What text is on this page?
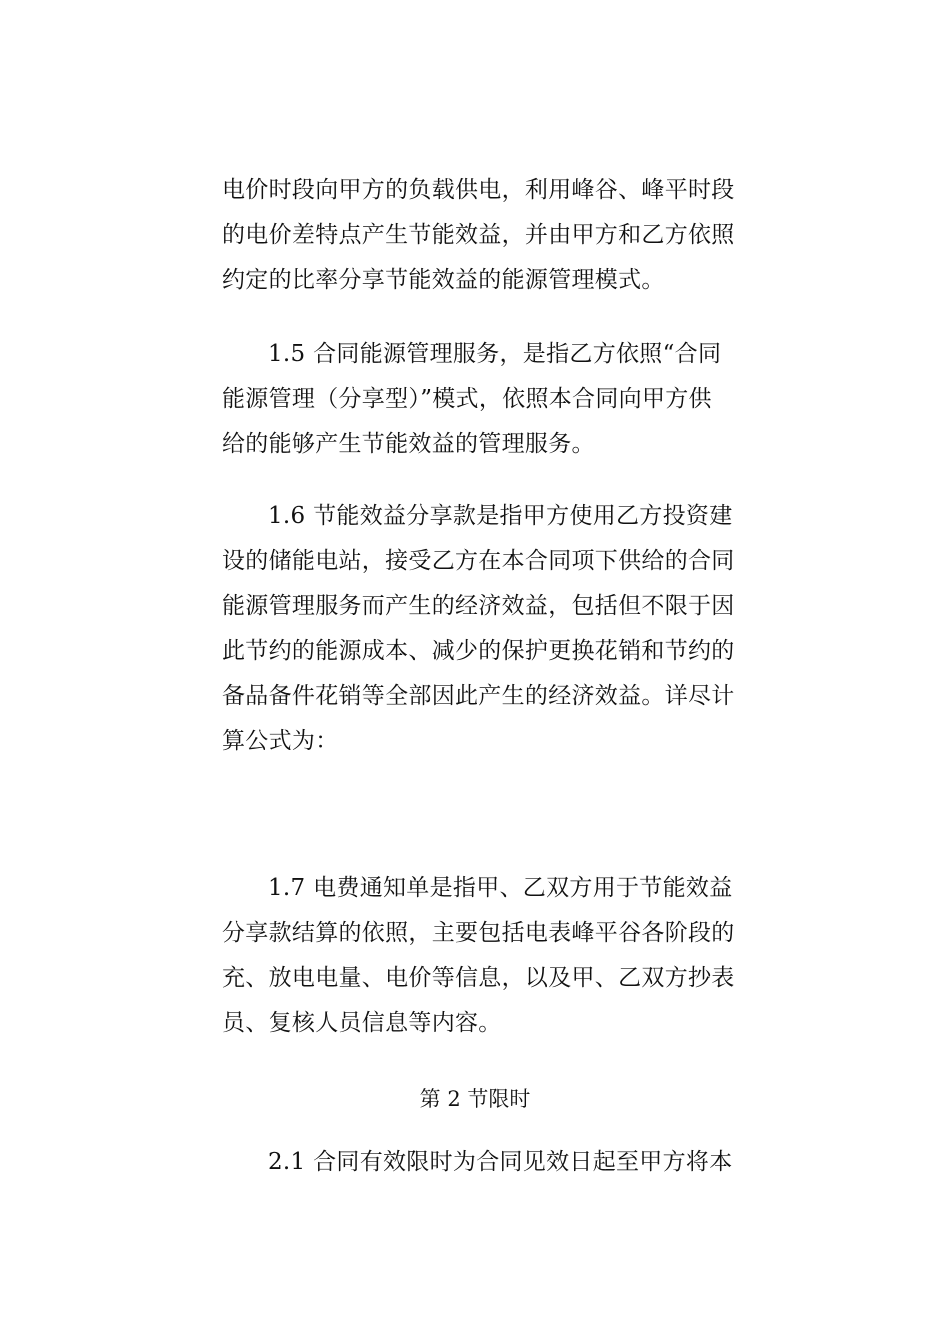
电价时段向甲方的负载供电，利用峰谷、峰平时段
的电价差特点产生节能效益，并由甲方和乙方依照
约定的比率分享节能效益的能源管理模式。
1.5 合同能源管理服务，是指乙方依照“合同
能源管理（分享型）”模式，依照本合同向甲方供
给的能够产生节能效益的管理服务。
1.6 节能效益分享款是指甲方使用乙方投资建
设的储能电站，接受乙方在本合同项下供给的合同
能源管理服务而产生的经济效益，包括但不限于因
此节约的能源成本、减少的保护更换花销和节约的
备品备件花销等全部因此产生的经济效益。详尽计
算公式为：
1.7 电费通知单是指甲、乙双方用于节能效益
分享款结算的依照，主要包括电表峰平谷各阶段的
充、放电电量、电价等信息，以及甲、乙双方抄表
员、复核人员信息等内容。
第 2 节限时
2.1 合同有效限时为合同见效日起至甲方将本
